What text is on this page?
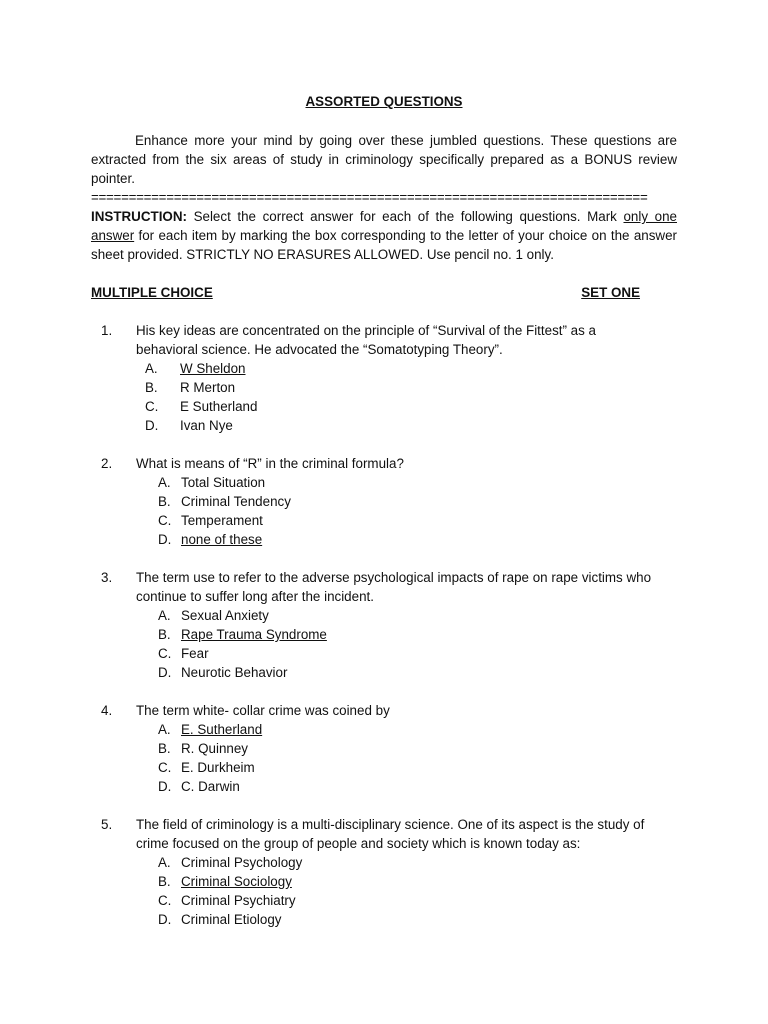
ASSORTED QUESTIONS

Enhance more your mind by going over these jumbled questions. These questions are extracted from the six areas of study in criminology specifically prepared as a BONUS review pointer.

==========================================================================

INSTRUCTION: Select the correct answer for each of the following questions. Mark only one answer for each item by marking the box corresponding to the letter of your choice on the answer sheet provided. STRICTLY NO ERASURES ALLOWED. Use pencil no. 1 only.

MULTIPLE CHOICE	SET ONE
1.	His key ideas are concentrated on the principle of “Survival of the Fittest” as a behavioral science. He advocated the “Somatotyping Theory”.
A.	W Sheldon
B.	R Merton
C.	E Sutherland
D.	Ivan Nye
2.	What is means of “R” in the criminal formula?
A. Total Situation
B. Criminal Tendency
C. Temperament
D. none of these
3.	The term use to refer to the adverse psychological impacts of rape on rape victims who continue to suffer long after the incident.
A. Sexual Anxiety
B. Rape Trauma Syndrome
C. Fear
D. Neurotic Behavior
4.	The term white- collar crime was coined by
A. E. Sutherland
B. R. Quinney
C. E. Durkheim
D. C. Darwin
5.	The field of criminology is a multi-disciplinary science. One of its aspect is the study of crime focused on the group of people and society which is known today as:
A. Criminal Psychology
B. Criminal Sociology
C. Criminal Psychiatry
D. Criminal Etiology
